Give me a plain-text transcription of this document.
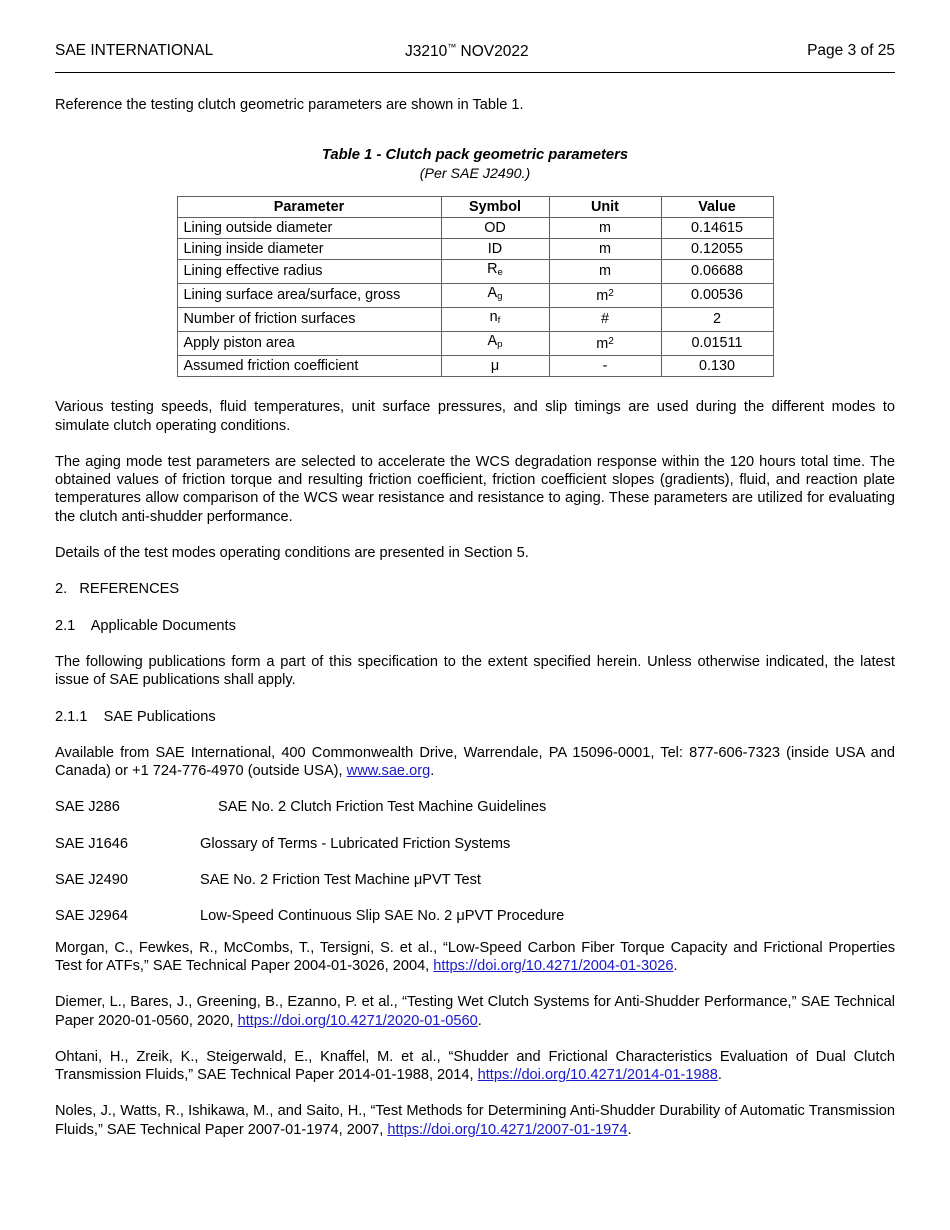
SAE INTERNATIONAL	J3210™ NOV2022	Page 3 of 25

Reference the testing clutch geometric parameters are shown in Table 1.

Table 1 - Clutch pack geometric parameters
(Per SAE J2490.)
Parameter	Symbol	Unit	Value
Lining outside diameter	OD	m	0.14615
Lining inside diameter	ID	m	0.12055
Lining effective radius	$R_e$	m	0.06688
Lining surface area/surface, gross	$A_g$	$m^2$	0.00536
Number of friction surfaces	$n_f$	#	2
Apply piston area	$A_p$	$m^2$	0.01511
Assumed friction coefficient	μ	-	0.130

Various testing speeds, fluid temperatures, unit surface pressures, and slip timings are used during the different modes to simulate clutch operating conditions.

The aging mode test parameters are selected to accelerate the WCS degradation response within the 120 hours total time. The obtained values of friction torque and resulting friction coefficient, friction coefficient slopes (gradients), fluid, and reaction plate temperatures allow comparison of the WCS wear resistance and resistance to aging. These parameters are utilized for evaluating the clutch anti-shudder performance.

Details of the test modes operating conditions are presented in Section 5.

2.   REFERENCES

2.1    Applicable Documents

The following publications form a part of this specification to the extent specified herein. Unless otherwise indicated, the latest issue of SAE publications shall apply.

2.1.1    SAE Publications

Available from SAE International, 400 Commonwealth Drive, Warrendale, PA 15096-0001, Tel: 877-606-7323 (inside USA and Canada) or +1 724-776-4970 (outside USA), www.sae.org.

SAE J286	SAE No. 2 Clutch Friction Test Machine Guidelines
SAE J1646	Glossary of Terms - Lubricated Friction Systems
SAE J2490	SAE No. 2 Friction Test Machine μPVT Test
SAE J2964	Low-Speed Continuous Slip SAE No. 2 μPVT Procedure

Morgan, C., Fewkes, R., McCombs, T., Tersigni, S. et al., “Low-Speed Carbon Fiber Torque Capacity and Frictional Properties Test for ATFs,” SAE Technical Paper 2004-01-3026, 2004, https://doi.org/10.4271/2004-01-3026.

Diemer, L., Bares, J., Greening, B., Ezanno, P. et al., “Testing Wet Clutch Systems for Anti-Shudder Performance,” SAE Technical Paper 2020-01-0560, 2020, https://doi.org/10.4271/2020-01-0560.

Ohtani, H., Zreik, K., Steigerwald, E., Knaffel, M. et al., “Shudder and Frictional Characteristics Evaluation of Dual Clutch Transmission Fluids,” SAE Technical Paper 2014-01-1988, 2014, https://doi.org/10.4271/2014-01-1988.

Noles, J., Watts, R., Ishikawa, M., and Saito, H., “Test Methods for Determining Anti-Shudder Durability of Automatic Transmission Fluids,” SAE Technical Paper 2007-01-1974, 2007, https://doi.org/10.4271/2007-01-1974.
